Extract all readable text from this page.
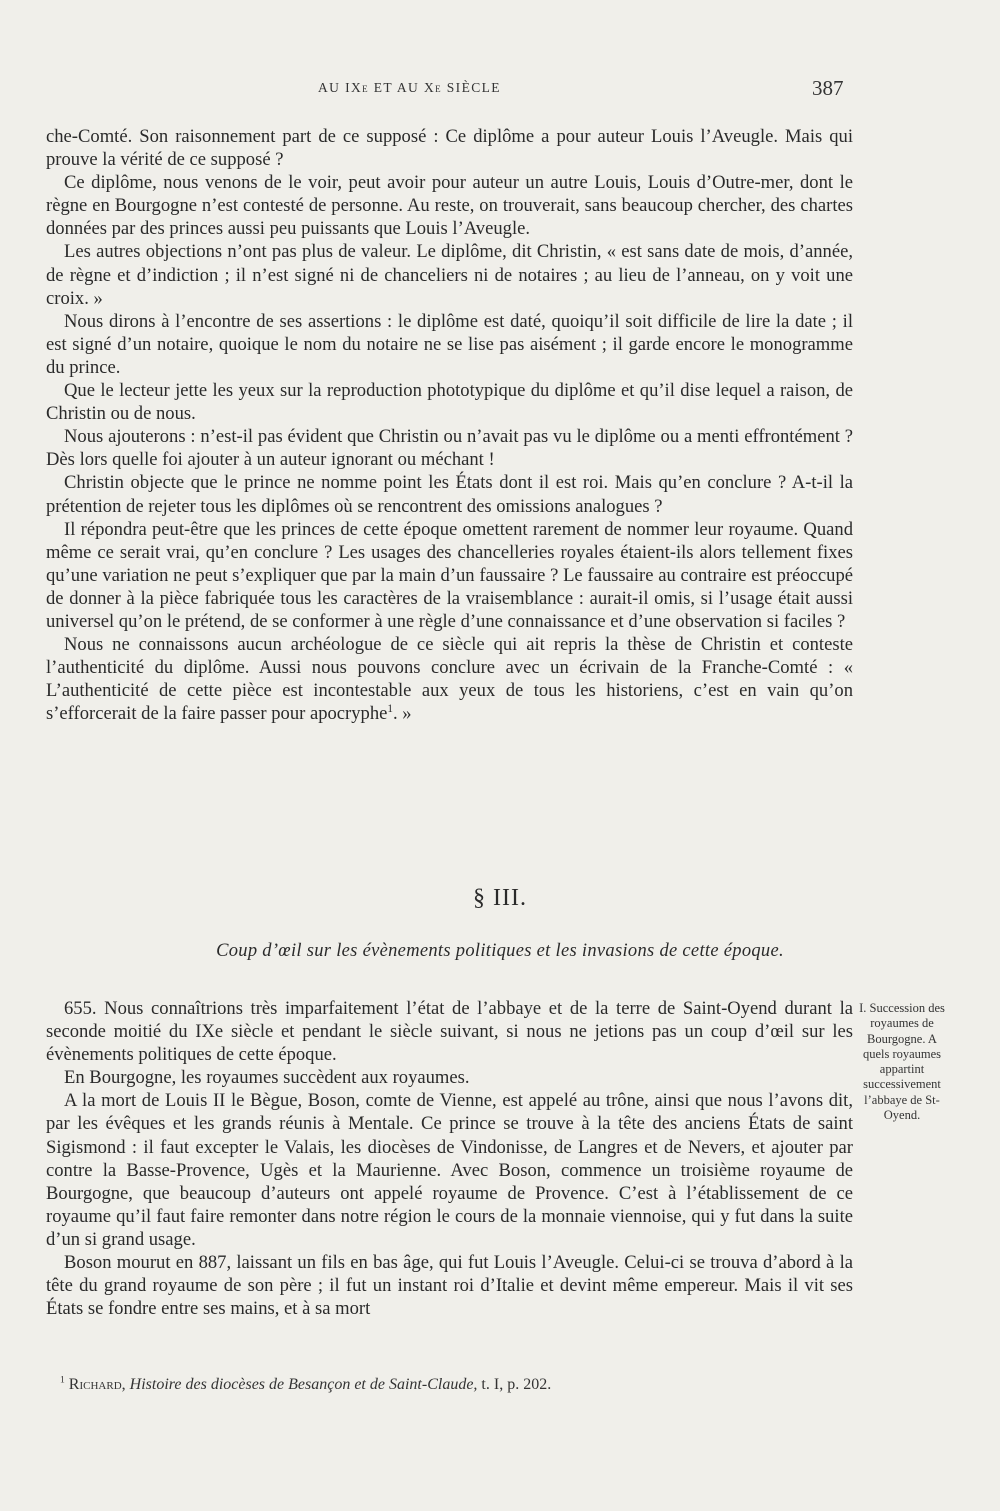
AU IXe ET AU Xe SIÈCLE	387

che-Comté. Son raisonnement part de ce supposé : Ce diplôme a pour auteur Louis l’Aveugle. Mais qui prouve la vérité de ce supposé ?

Ce diplôme, nous venons de le voir, peut avoir pour auteur un autre Louis, Louis d’Outre-mer, dont le règne en Bourgogne n’est contesté de personne. Au reste, on trouverait, sans beaucoup chercher, des chartes données par des princes aussi peu puissants que Louis l’Aveugle.

Les autres objections n’ont pas plus de valeur. Le diplôme, dit Christin, « est sans date de mois, d’année, de règne et d’indiction ; il n’est signé ni de chanceliers ni de notaires ; au lieu de l’anneau, on y voit une croix. »

Nous dirons à l’encontre de ses assertions : le diplôme est daté, quoiqu’il soit difficile de lire la date ; il est signé d’un notaire, quoique le nom du notaire ne se lise pas aisément ; il garde encore le monogramme du prince.

Que le lecteur jette les yeux sur la reproduction phototypique du diplôme et qu’il dise lequel a raison, de Christin ou de nous.

Nous ajouterons : n’est-il pas évident que Christin ou n’avait pas vu le diplôme ou a menti effrontément ? Dès lors quelle foi ajouter à un auteur ignorant ou méchant !

Christin objecte que le prince ne nomme point les États dont il est roi. Mais qu’en conclure ? A-t-il la prétention de rejeter tous les diplômes où se rencontrent des omissions analogues ?

Il répondra peut-être que les princes de cette époque omettent rarement de nommer leur royaume. Quand même ce serait vrai, qu’en conclure ? Les usages des chancelleries royales étaient-ils alors tellement fixes qu’une variation ne peut s’expliquer que par la main d’un faussaire ? Le faussaire au contraire est préoccupé de donner à la pièce fabriquée tous les caractères de la vraisemblance : aurait-il omis, si l’usage était aussi universel qu’on le prétend, de se conformer à une règle d’une connaissance et d’une observation si faciles ?

Nous ne connaissons aucun archéologue de ce siècle qui ait repris la thèse de Christin et conteste l’authenticité du diplôme. Aussi nous pouvons conclure avec un écrivain de la Franche-Comté : « L’authenticité de cette pièce est incontestable aux yeux de tous les historiens, c’est en vain qu’on s’efforcerait de la faire passer pour apocryphe$^1$. »

§ III.
Coup d’œil sur les évènements politiques et les invasions de cette époque.

655. Nous connaîtrions très imparfaitement l’état de l’abbaye et de la terre de Saint-Oyend durant la seconde moitié du IXe siècle et pendant le siècle suivant, si nous ne jetions pas un coup d’œil sur les évènements politiques de cette époque.

En Bourgogne, les royaumes succèdent aux royaumes.

A la mort de Louis II le Bègue, Boson, comte de Vienne, est appelé au trône, ainsi que nous l’avons dit, par les évêques et les grands réunis à Mentale. Ce prince se trouve à la tête des anciens États de saint Sigismond : il faut excepter le Valais, les diocèses de Vindonisse, de Langres et de Nevers, et ajouter par contre la Basse-Provence, Ugès et la Maurienne. Avec Boson, commence un troisième royaume de Bourgogne, que beaucoup d’auteurs ont appelé royaume de Provence. C’est à l’établissement de ce royaume qu’il faut faire remonter dans notre région le cours de la monnaie viennoise, qui y fut dans la suite d’un si grand usage.

Boson mourut en 887, laissant un fils en bas âge, qui fut Louis l’Aveugle. Celui-ci se trouva d’abord à la tête du grand royaume de son père ; il fut un instant roi d’Italie et devint même empereur. Mais il vit ses États se fondre entre ses mains, et à sa mort

I. Succession des royaumes de Bourgogne. A quels royaumes appartint successivement l’abbaye de St-Oyend.
$^1$ Richard, Histoire des diocèses de Besançon et de Saint-Claude, t. I, p. 202.
